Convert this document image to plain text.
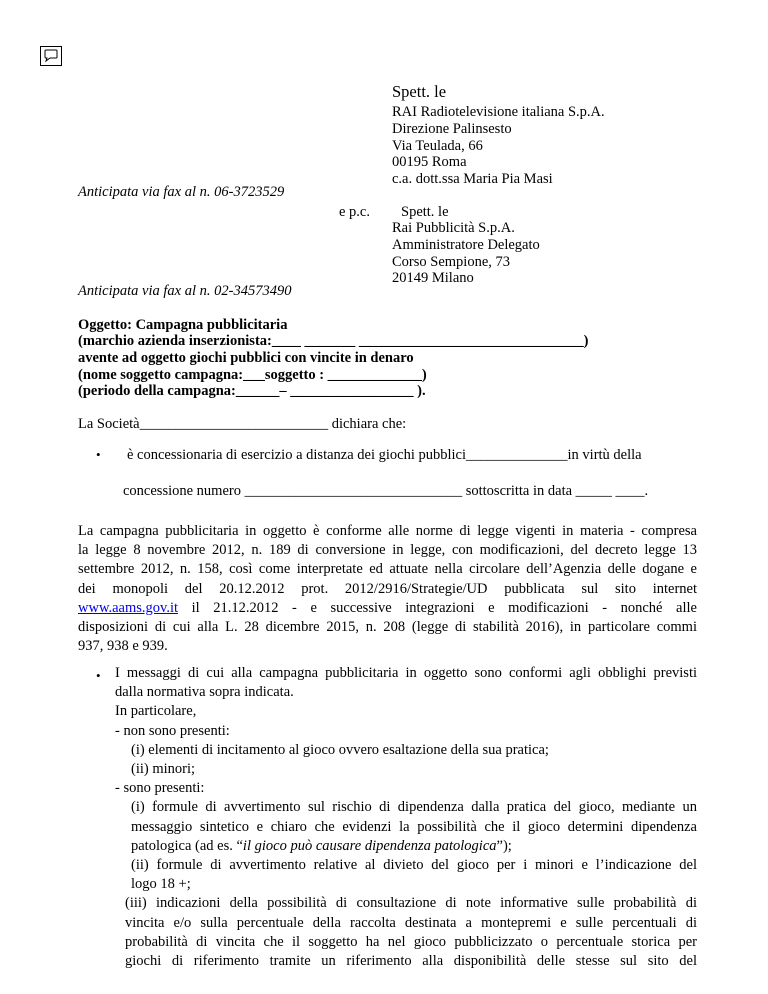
Spett. le
RAI Radiotelevisione italiana S.p.A.
Direzione Palinsesto
Via Teulada, 66
00195 Roma
c.a. dott.ssa Maria Pia Masi
Anticipata via fax al n. 06-3723529
e p.c. Spett. le
Rai Pubblicità S.p.A.
Amministratore Delegato
Corso Sempione, 73
20149 Milano
Anticipata via fax al n. 02-34573490
Oggetto: Campagna pubblicitaria
(marchio azienda inserzionista:____ _______ _______________________________)
avente ad oggetto giochi pubblici con vincite in denaro
(nome soggetto campagna:___soggetto : _____________)
(periodo della campagna:______– _________________ ).
La Società__________________________ dichiara che:
• è concessionaria di esercizio a distanza dei giochi pubblici______________in virtù della
concessione numero ______________________________ sottoscritta in data _____ ____.
La campagna pubblicitaria in oggetto è conforme alle norme di legge vigenti in materia - compresa
la legge 8 novembre 2012, n. 189 di conversione in legge, con modificazioni, del decreto legge 13
settembre 2012, n. 158, così come interpretate ed attuate nella circolare dell’Agenzia delle dogane e
dei monopoli del 20.12.2012 prot. 2012/2916/Strategie/UD pubblicata sul sito internet
www.aams.gov.it il 21.12.2012 - e successive integrazioni e modificazioni - nonché alle
disposizioni di cui alla L. 28 dicembre 2015, n. 208 (legge di stabilità 2016), in particolare commi
937, 938 e 939.
• I messaggi di cui alla campagna pubblicitaria in oggetto sono conformi agli obblighi previsti
dalla normativa sopra indicata.
In particolare,
- non sono presenti:
(i) elementi di incitamento al gioco ovvero esaltazione della sua pratica;
(ii) minori;
- sono presenti:
(i) formule di avvertimento sul rischio di dipendenza dalla pratica del gioco, mediante un
messaggio sintetico e chiaro che evidenzi la possibilità che il gioco determini dipendenza
patologica (ad es. “il gioco può causare dipendenza patologica”);
(ii) formule di avvertimento relative al divieto del gioco per i minori e l’indicazione del
logo 18 +;
(iii) indicazioni della possibilità di consultazione di note informative sulle probabilità di
vincita e/o sulla percentuale della raccolta destinata a montepremi e sulle percentuali di
probabilità di vincita che il soggetto ha nel gioco pubblicizzato o percentuale storica per
giochi di riferimento tramite un riferimento alla disponibilità delle stesse sul sito del
